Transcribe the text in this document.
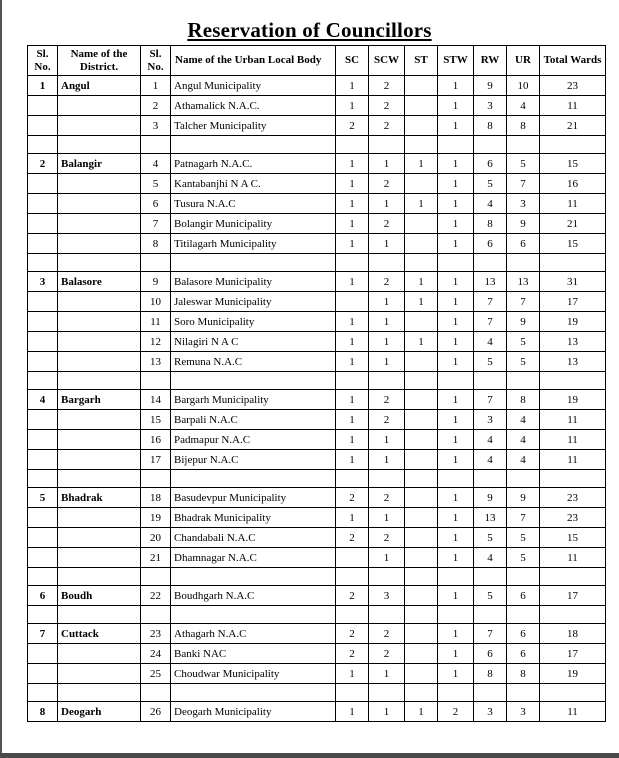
Reservation of Councillors
Sl. No.	Name of the District.	Sl. No.	Name of the Urban Local Body	SC	SCW	ST	STW	RW	UR	Total Wards
1	Angul	1	Angul Municipality	1	2		1	9	10	23
		2	Athamalick N.A.C.	1	2		1	3	4	11
		3	Talcher Municipality	2	2		1	8	8	21

2	Balangir	4	Patnagarh N.A.C.	1	1	1	1	6	5	15
		5	Kantabanjhi N A C.	1	2		1	5	7	16
		6	Tusura N.A.C	1	1	1	1	4	3	11
		7	Bolangir Municipality	1	2		1	8	9	21
		8	Titilagarh Municipality	1	1		1	6	6	15

3	Balasore	9	Balasore Municipality	1	2	1	1	13	13	31
		10	Jaleswar Municipality		1	1	1	7	7	17
		11	Soro Municipality	1	1		1	7	9	19
		12	Nilagiri N A C	1	1	1	1	4	5	13
		13	Remuna N.A.C	1	1		1	5	5	13

4	Bargarh	14	Bargarh Municipality	1	2		1	7	8	19
		15	Barpali N.A.C	1	2		1	3	4	11
		16	Padmapur N.A.C	1	1		1	4	4	11
		17	Bijepur N.A.C	1	1		1	4	4	11

5	Bhadrak	18	Basudevpur Municipality	2	2		1	9	9	23
		19	Bhadrak Municipality	1	1		1	13	7	23
		20	Chandabali N.A.C	2	2		1	5	5	15
		21	Dhamnagar N.A.C		1		1	4	5	11

6	Boudh	22	Boudhgarh N.A.C	2	3		1	5	6	17

7	Cuttack	23	Athagarh N.A.C	2	2		1	7	6	18
		24	Banki NAC	2	2		1	6	6	17
		25	Choudwar Municipality	1	1		1	8	8	19

8	Deogarh	26	Deogarh Municipality	1	1	1	2	3	3	11
